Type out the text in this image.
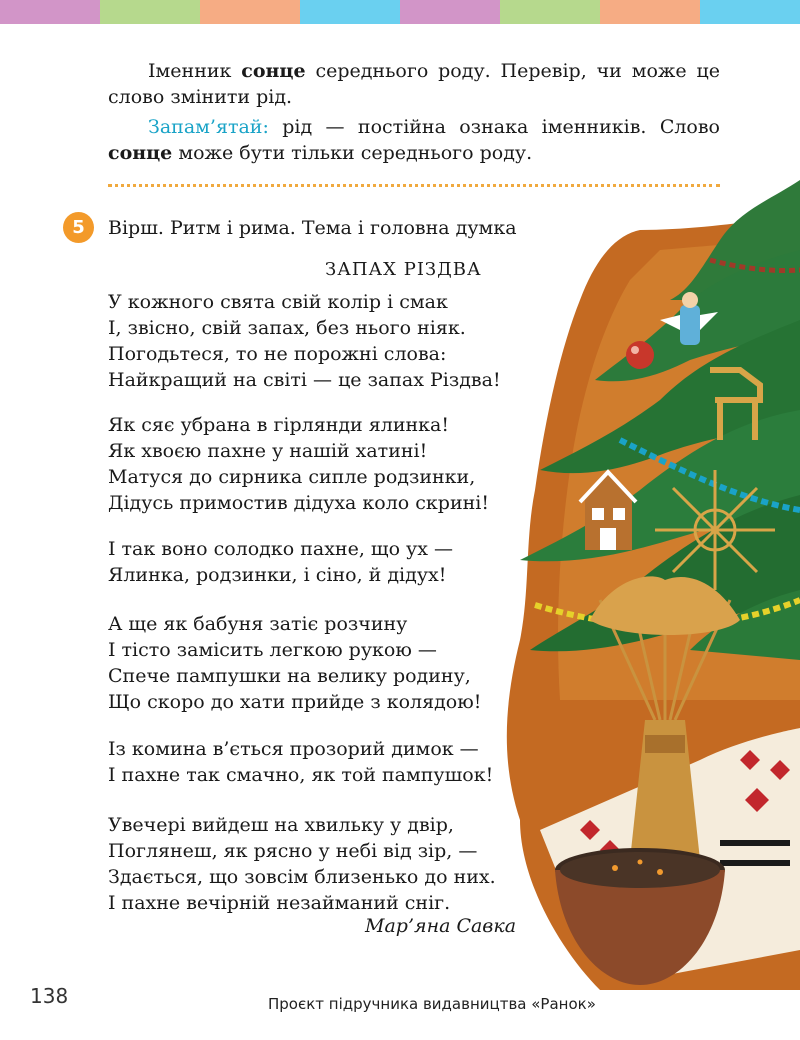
Іменник сонце середнього роду. Перевір, чи може це слово змінити рід.

Запам’ятай: рід — постійна ознака іменників. Слово сонце може бути тільки середнього роду.

5	Вірш. Ритм і рима. Тема і головна думка
ЗАПАХ РІЗДВА
У кожного свята свій колір і смак
І, звісно, свій запах, без нього ніяк.
Погодьтеся, то не порожні слова:
Найкращий на світі — це запах Різдва!
Як сяє убрана в гірлянди ялинка!
Як хвоєю пахне у нашій хатині!
Матуся до сирника сипле родзинки,
Дідусь примостив дідуха коло скрині!
І так воно солодко пахне, що ух —
Ялинка, родзинки, і сіно, й дідух!
А ще як бабуня затіє розчину
І тісто замісить легкою рукою —
Спече пампушки на велику родину,
Що скоро до хати прийде з колядою!
Із комина в’ється прозорий димок —
І пахне так смачно, як той пампушок!
Увечері вийдеш на хвильку у двір,
Поглянеш, як рясно у небі від зір, —
Здається, що зовсім близенько до них.
І пахне вечірній незайманий сніг.
Мар’яна Савка
138	Проєкт підручника видавництва «Ранок»
